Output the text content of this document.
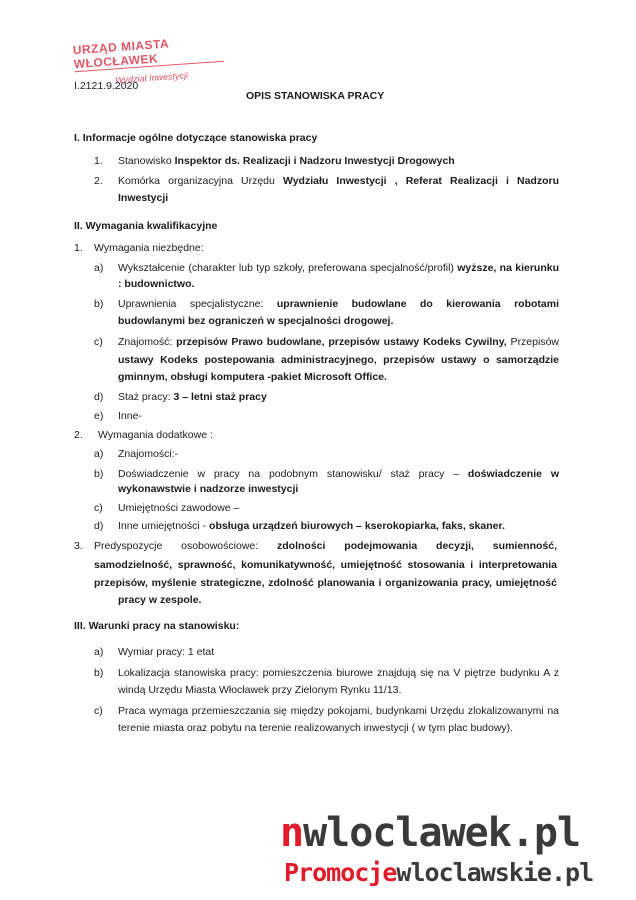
URZĄD MIASTA WŁOCŁAWEK
Wydział Inwestycji
I.2121.9.2020
OPIS STANOWISKA PRACY
I. Informacje ogólne dotyczące stanowiska pracy
1. Stanowisko Inspektor ds. Realizacji i Nadzoru Inwestycji Drogowych
2. Komórka organizacyjna Urzędu Wydziału Inwestycji , Referat Realizacji i Nadzoru
Inwestycji
II. Wymagania kwalifikacyjne
1. Wymagania niezbędne:
a) Wykształcenie (charakter lub typ szkoły, preferowana specjalność/profil) wyższe, na kierunku
: budownictwo.
b) Uprawnienia specjalistyczne: uprawnienie budowlane do kierowania robotami
budowlanymi bez ograniczeń w specjalności drogowej.
c) Znajomość: przepisów Prawo budowlane, przepisów ustawy Kodeks Cywilny, Przepisów
ustawy Kodeks postepowania administracyjnego, przepisów ustawy o samorządzie
gminnym, obsługi komputera -pakiet Microsoft Office.
d) Staż pracy: 3 – letni staż pracy
e) Inne-
2. Wymagania dodatkowe :
a) Znajomości:-
b) Doświadczenie w pracy na podobnym stanowisku/ staż pracy – doświadczenie w
wykonawstwie i nadzorze inwestycji
c) Umiejętności zawodowe –
d) Inne umiejętności - obsługa urządzeń biurowych – kserokopiarka, faks, skaner.
3. Predyspozycje osobowościowe: zdolności podejmowania decyzji, sumienność,
samodzielność, sprawność, komunikatywność, umiejętność stosowania i interpretowania
przepisów, myślenie strategiczne, zdolność planowania i organizowania pracy, umiejętność
pracy w zespole.
III. Warunki pracy na stanowisku:
a) Wymiar pracy: 1 etat
b) Lokalizacja stanowiska pracy: pomieszczenia biurowe znajdują się na V piętrze budynku A z
windą Urzędu Miasta Włocławek przy Zielonym Rynku 11/13.
c) Praca wymaga przemieszczania się między pokojami, budynkami Urzędu zlokalizowanymi na
terenie miasta oraz pobytu na terenie realizowanych inwestycji ( w tym plac budowy).
nwloclawek.pl
Promocjewloclawskie.pl
